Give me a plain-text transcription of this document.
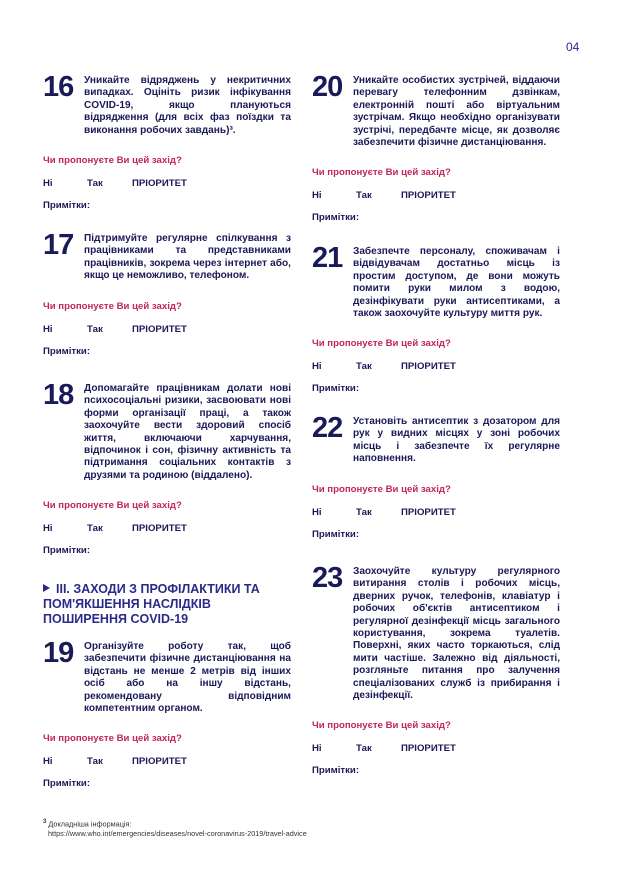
04
16 Уникайте відряджень у некритичних випадках. Оцініть ризик інфікування COVID-19, якщо плануються відрядження (для всіх фаз поїздки та виконання робочих завдань)³.
Чи пропонуєте Ви цей захід?
Ні	Так	ПРІОРИТЕТ
Примітки:
17 Підтримуйте регулярне спілкування з працівниками та представниками працівників, зокрема через інтернет або, якщо це неможливо, телефоном.
Чи пропонуєте Ви цей захід?
Ні	Так	ПРІОРИТЕТ
Примітки:
18 Допомагайте працівникам долати нові психосоціальні ризики, засвоювати нові форми організації праці, а також заохочуйте вести здоровий спосіб життя, включаючи харчування, відпочинок і сон, фізичну активність та підтримання соціальних контактів з друзями та родиною (віддалено).
Чи пропонуєте Ви цей захід?
Ні	Так	ПРІОРИТЕТ
Примітки:
III. ЗАХОДИ З ПРОФІЛАКТИКИ ТА ПОМ'ЯКШЕННЯ НАСЛІДКІВ ПОШИРЕННЯ COVID-19
19 Організуйте роботу так, щоб забезпечити фізичне дистанціювання на відстань не менше 2 метрів від інших осіб або на іншу відстань, рекомендовану відповідним компетентним органом.
Чи пропонуєте Ви цей захід?
Ні	Так	ПРІОРИТЕТ
Примітки:
20 Уникайте особистих зустрічей, віддаючи перевагу телефонним дзвінкам, електронній пошті або віртуальним зустрічам. Якщо необхідно організувати зустрічі, передбачте місце, як дозволяє забезпечити фізичне дистанціювання.
Чи пропонуєте Ви цей захід?
Ні	Так	ПРІОРИТЕТ
Примітки:
21 Забезпечте персоналу, споживачам і відвідувачам достатньо місць із простим доступом, де вони можуть помити руки милом з водою, дезінфікувати руки антисептиками, а також заохочуйте культуру миття рук.
Чи пропонуєте Ви цей захід?
Ні	Так	ПРІОРИТЕТ
Примітки:
22 Установіть антисептик з дозатором для рук у видних місцях у зоні робочих місць і забезпечте їх регулярне наповнення.
Чи пропонуєте Ви цей захід?
Ні	Так	ПРІОРИТЕТ
Примітки:
23 Заохочуйте культуру регулярного витирання столів і робочих місць, дверних ручок, телефонів, клавіатур і робочих об'єктів антисептиком і регулярної дезінфекції місць загального користування, зокрема туалетів. Поверхні, яких часто торкаються, слід мити частіше. Залежно від діяльності, розгляньте питання про залучення спеціалізованих служб із прибирання і дезінфекції.
Чи пропонуєте Ви цей захід?
Ні	Так	ПРІОРИТЕТ
Примітки:
$^3$ Докладніша інформація:
https://www.who.int/emergencies/diseases/novel-coronavirus-2019/travel-advice
